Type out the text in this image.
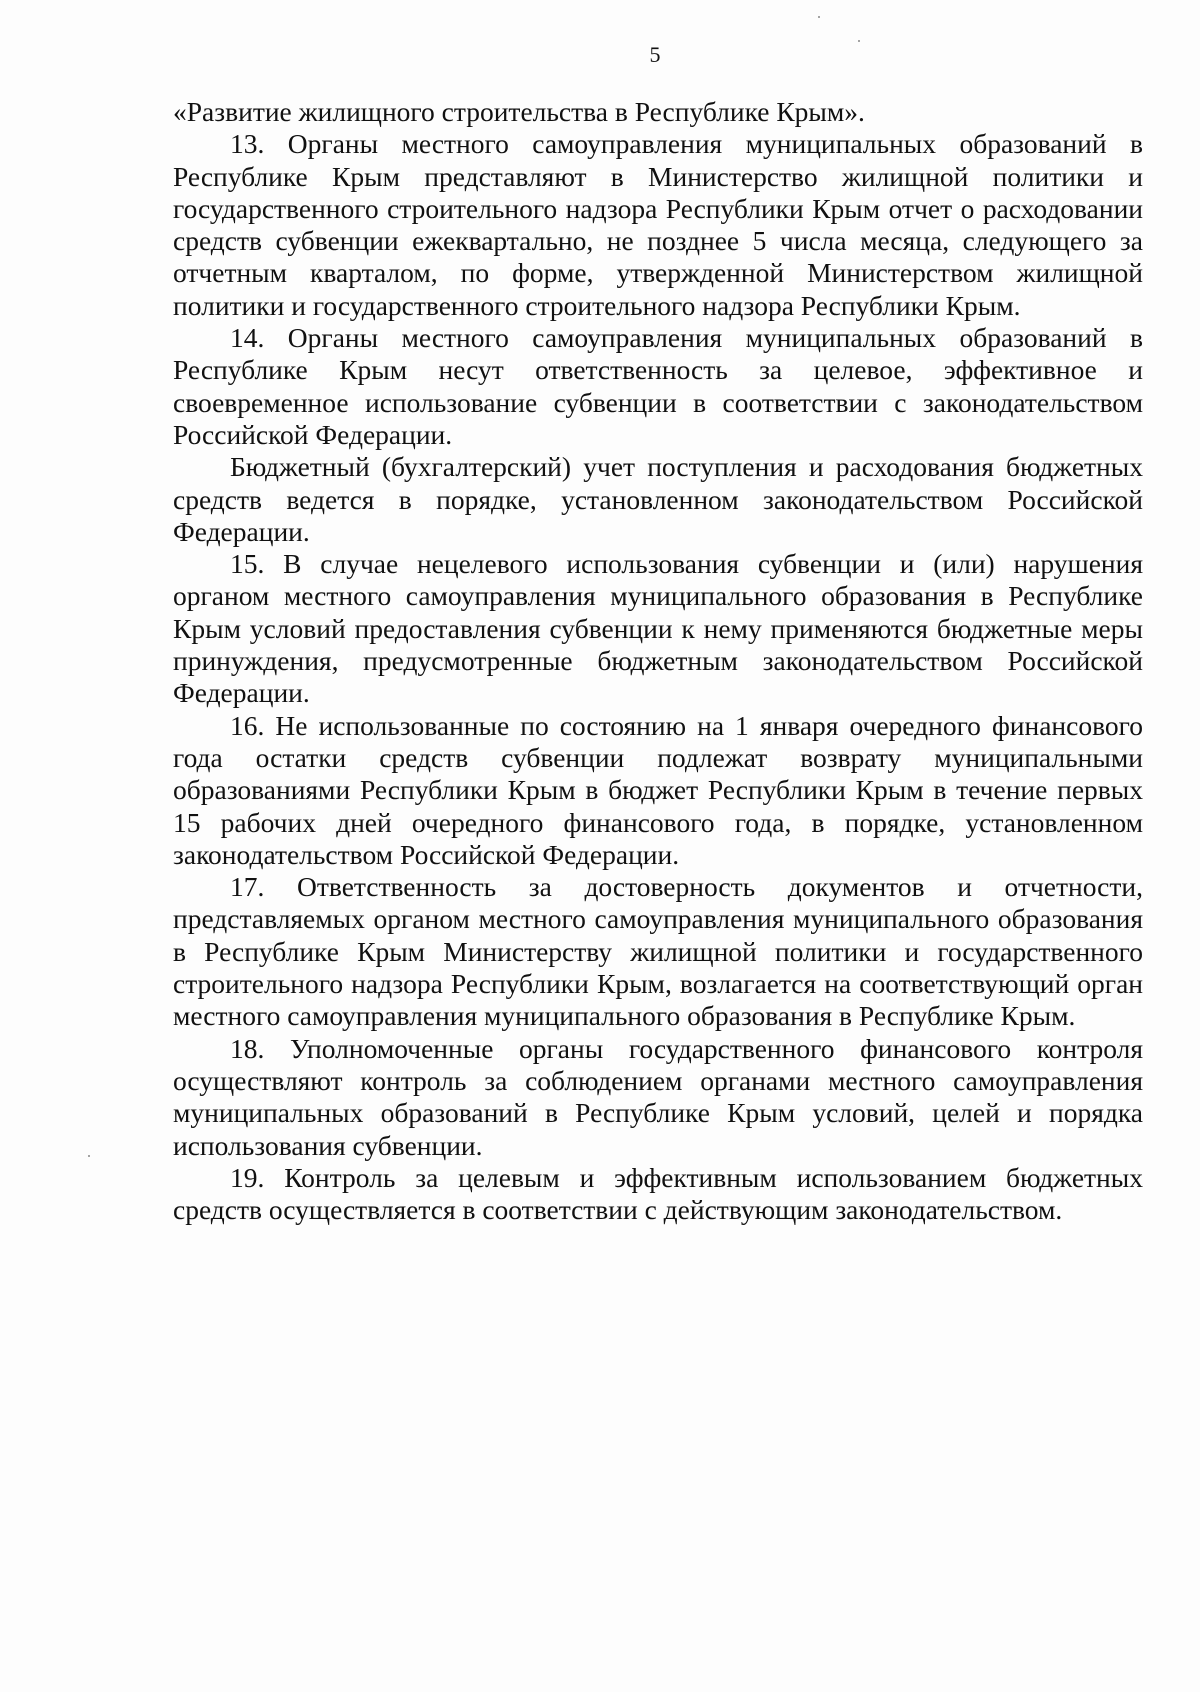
5

«Развитие жилищного строительства в Республике Крым».

13. Органы местного самоуправления муниципальных образований в Республике Крым представляют в Министерство жилищной политики и государственного строительного надзора Республики Крым отчет о расходовании средств субвенции ежеквартально, не позднее 5 числа месяца, следующего за отчетным кварталом, по форме, утвержденной Министерством жилищной политики и государственного строительного надзора Республики Крым.

14. Органы местного самоуправления муниципальных образований в Республике Крым несут ответственность за целевое, эффективное и своевременное использование субвенции в соответствии с законодательством Российской Федерации.

Бюджетный (бухгалтерский) учет поступления и расходования бюджетных средств ведется в порядке, установленном законодательством Российской Федерации.

15. В случае нецелевого использования субвенции и (или) нарушения органом местного самоуправления муниципального образования в Республике Крым условий предоставления субвенции к нему применяются бюджетные меры принуждения, предусмотренные бюджетным законодательством Российской Федерации.

16. Не использованные по состоянию на 1 января очередного финансового года остатки средств субвенции подлежат возврату муниципальными образованиями Республики Крым в бюджет Республики Крым в течение первых 15 рабочих дней очередного финансового года, в порядке, установленном законодательством Российской Федерации.

17. Ответственность за достоверность документов и отчетности, представляемых органом местного самоуправления муниципального образования в Республике Крым Министерству жилищной политики и государственного строительного надзора Республики Крым, возлагается на соответствующий орган местного самоуправления муниципального образования в Республике Крым.

18. Уполномоченные органы государственного финансового контроля осуществляют контроль за соблюдением органами местного самоуправления муниципальных образований в Республике Крым условий, целей и порядка использования субвенции.

19. Контроль за целевым и эффективным использованием бюджетных средств осуществляется в соответствии с действующим законодательством.
